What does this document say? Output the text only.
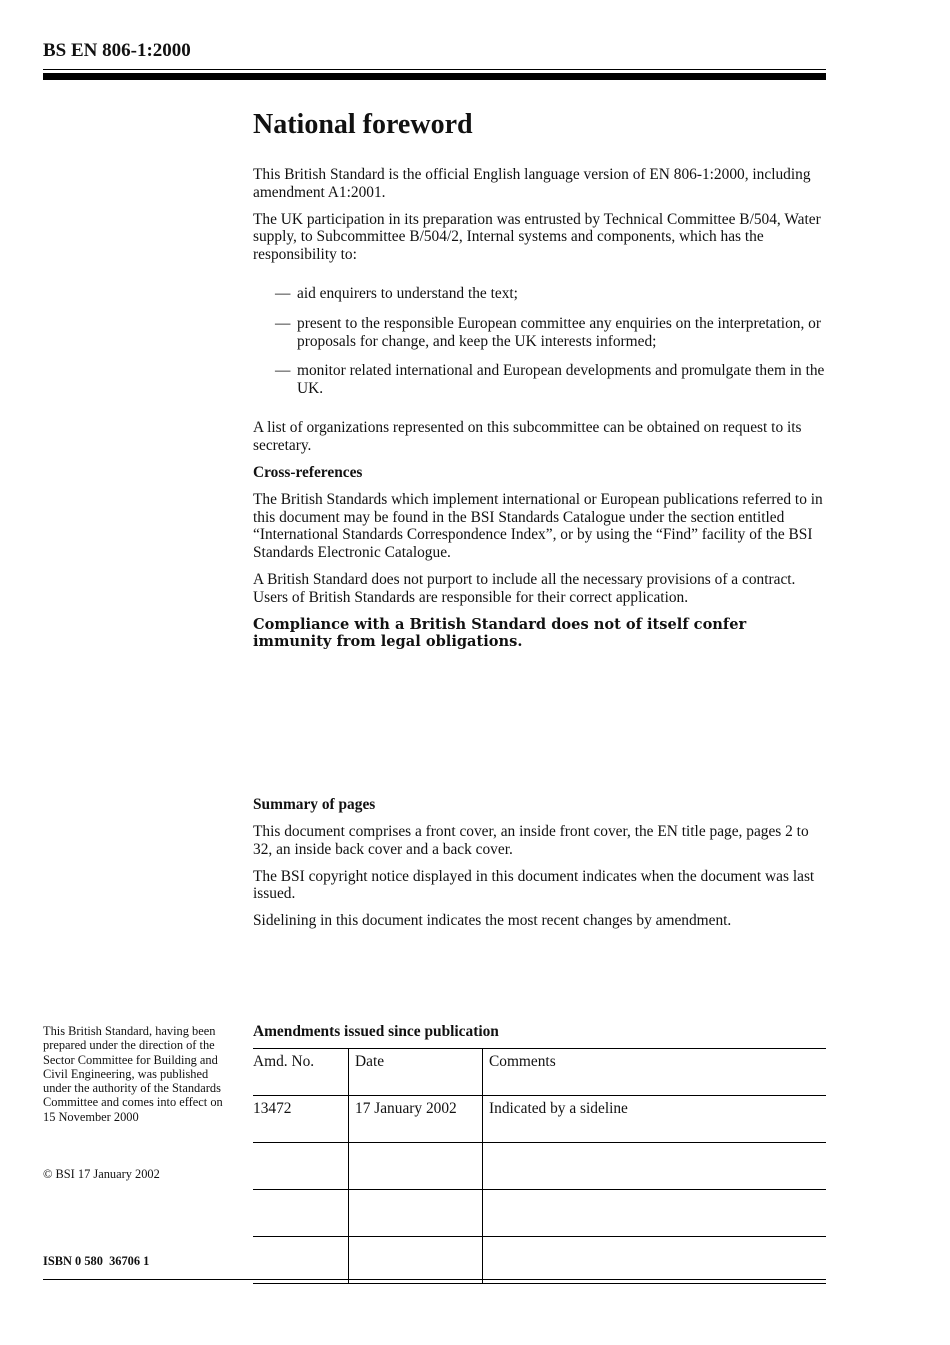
BS EN 806-1:2000
National foreword

This British Standard is the official English language version of EN 806-1:2000, including amendment A1:2001.

The UK participation in its preparation was entrusted by Technical Committee B/504, Water supply, to Subcommittee B/504/2, Internal systems and components, which has the responsibility to:

— aid enquirers to understand the text;
— present to the responsible European committee any enquiries on the interpretation, or proposals for change, and keep the UK interests informed;
— monitor related international and European developments and promulgate them in the UK.

A list of organizations represented on this subcommittee can be obtained on request to its secretary.

Cross-references

The British Standards which implement international or European publications referred to in this document may be found in the BSI Standards Catalogue under the section entitled “International Standards Correspondence Index”, or by using the “Find” facility of the BSI Standards Electronic Catalogue.

A British Standard does not purport to include all the necessary provisions of a contract. Users of British Standards are responsible for their correct application.

Compliance with a British Standard does not of itself confer immunity from legal obligations.

Summary of pages

This document comprises a front cover, an inside front cover, the EN title page, pages 2 to 32, an inside back cover and a back cover.

The BSI copyright notice displayed in this document indicates when the document was last issued.

Sidelining in this document indicates the most recent changes by amendment.

This British Standard, having been prepared under the direction of the Sector Committee for Building and Civil Engineering, was published under the authority of the Standards Committee and comes into effect on 15 November 2000
© BSI 17 January 2002
ISBN 0 580  36706 1
Amendments issued since publication
Amd. No.	Date	Comments
13472	17 January 2002	Indicated by a sideline
